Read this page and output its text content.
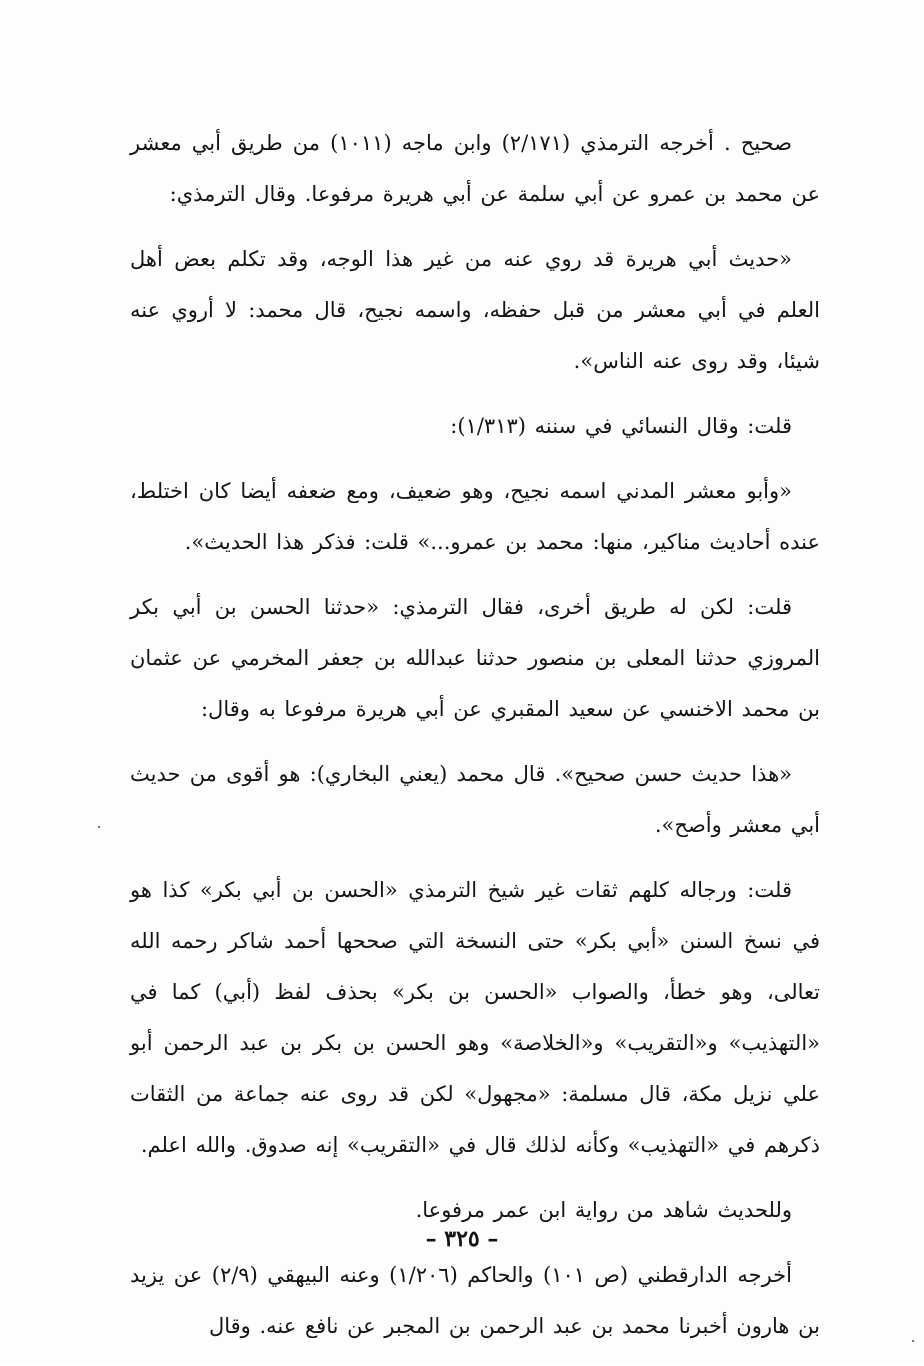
صحيح . أخرجه الترمذي (٢/١٧١) وابن ماجه (١٠١١) من طريق أبي معشر عن محمد بن عمرو عن أبي سلمة عن أبي هريرة مرفوعا. وقال الترمذي:

«حديث أبي هريرة قد روي عنه من غير هذا الوجه، وقد تكلم بعض أهل العلم في أبي معشر من قبل حفظه، واسمه نجيح، قال محمد: لا أروي عنه شيئا، وقد روى عنه الناس».

قلت: وقال النسائي في سننه (١/٣١٣):

«وأبو معشر المدني اسمه نجيح، وهو ضعيف، ومع ضعفه أيضا كان اختلط، عنده أحاديث مناكير، منها: محمد بن عمرو...» قلت: فذكر هذا الحديث».

قلت: لكن له طريق أخرى، فقال الترمذي: «حدثنا الحسن بن أبي بكر المروزي حدثنا المعلى بن منصور حدثنا عبدالله بن جعفر المخرمي عن عثمان بن محمد الاخنسي عن سعيد المقبري عن أبي هريرة مرفوعا به وقال:

«هذا حديث حسن صحيح». قال محمد (يعني البخاري): هو أقوى من حديث أبي معشر وأصح».

قلت: ورجاله كلهم ثقات غير شيخ الترمذي «الحسن بن أبي بكر» كذا هو في نسخ السنن «أبي بكر» حتى النسخة التي صححها أحمد شاكر رحمه الله تعالى، وهو خطأ، والصواب «الحسن بن بكر» بحذف لفظ (أبي) كما في «التهذيب» و«التقريب» و«الخلاصة» وهو الحسن بن بكر بن عبد الرحمن أبو علي نزيل مكة، قال مسلمة: «مجهول» لكن قد روى عنه جماعة من الثقات ذكرهم في «التهذيب» وكأنه لذلك قال في «التقريب» إنه صدوق. والله اعلم.

وللحديث شاهد من رواية ابن عمر مرفوعا.

أخرجه الدارقطني (ص ١٠١) والحاكم (١/٢٠٦) وعنه البيهقي (٢/٩) عن يزيد بن هارون أخبرنا محمد بن عبد الرحمن بن المجبر عن نافع عنه. وقال

– ٣٢٥ –
